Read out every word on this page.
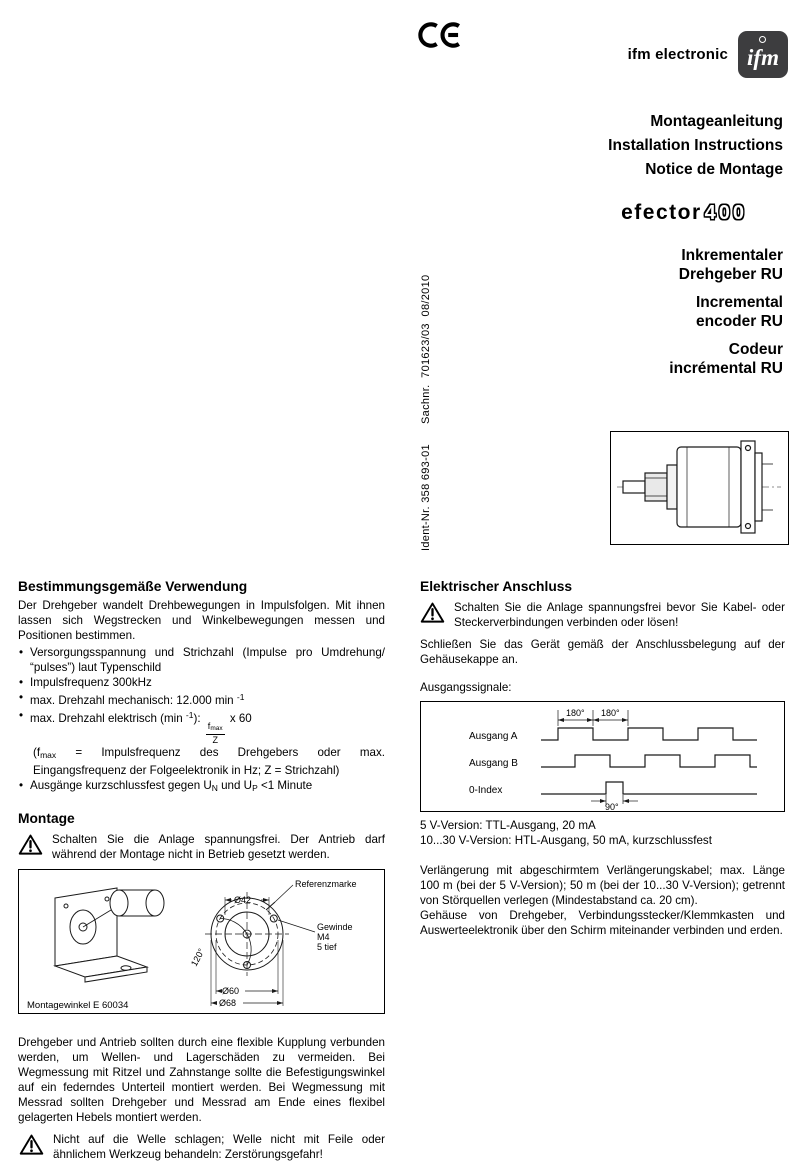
ifm electronic ifm
Montageanleitung
Installation Instructions
Notice de Montage
efector 400
Inkrementaler
Drehgeber RU
Incremental
encoder RU
Codeur
incrémental RU
Ident-Nr. 358 693-01      Sachnr.  701623/03  08/2010
Bestimmungsgemäße Verwendung

Der Drehgeber wandelt Drehbewegungen in Impulsfolgen. Mit ihnen lassen sich Wegstrecken und Winkelbewegungen messen und Positionen bestimmen.

• Versorgungsspannung und Strichzahl (Impulse pro Umdrehung/ “pulses”) laut Typenschild
• Impulsfrequenz 300kHz
• max. Drehzahl mechanisch: 12.000 min $^{-1}$
• max. Drehzahl elektrisch (min $^{-1}$):
$\frac{f_{max}}{Z}$
x 60
($f_{max}$ = Impulsfrequenz des Drehgebers oder max. Eingangsfrequenz der Folgeelektronik in Hz; Z = Strichzahl)
• Ausgänge kurzschlussfest gegen $U_N$ und $U_P <1$ Minute
Montage
Schalten Sie die Anlage spannungsfrei. Der Antrieb darf während der Montage nicht in Betrieb gesetzt werden.
Referenzmarke
Ø42
Gewinde
M4
5 tief
120°
Ø60
Ø68
Montagewinkel E 60034

Drehgeber und Antrieb sollten durch eine flexible Kupplung verbunden werden, um Wellen- und Lagerschäden zu vermeiden. Bei Wegmessung mit Ritzel und Zahnstange sollte die Befestigungswinkel auf ein federndes Unterteil montiert werden. Bei Wegmessung mit Messrad sollten Drehgeber und Messrad am Ende eines flexibel gelagerten Hebels montiert werden.

Nicht auf die Welle schlagen; Welle nicht mit Feile oder ähnlichem Werkzeug behandeln: Zerstörungsgefahr!
Elektrischer Anschluss
Schalten Sie die Anlage spannungsfrei bevor Sie Kabel- oder Steckerverbindungen verbinden oder lösen!

Schließen Sie das Gerät gemäß der Anschlussbelegung auf der Gehäusekappe an.

Ausgangssignale:
180° 180°
90°
Ausgang A
Ausgang B
0-Index
5 V-Version: TTL-Ausgang, 20 mA
10...30 V-Version: HTL-Ausgang, 50 mA, kurzschlussfest

Verlängerung mit abgeschirmtem Verlängerungskabel; max. Länge 100 m (bei der 5 V-Version); 50 m (bei der 10...30 V-Version); getrennt von Störquellen verlegen (Mindestabstand ca. 20 cm).

Gehäuse von Drehgeber, Verbindungsstecker/Klemmkasten und Auswerteelektronik über den Schirm miteinander verbinden und erden.
